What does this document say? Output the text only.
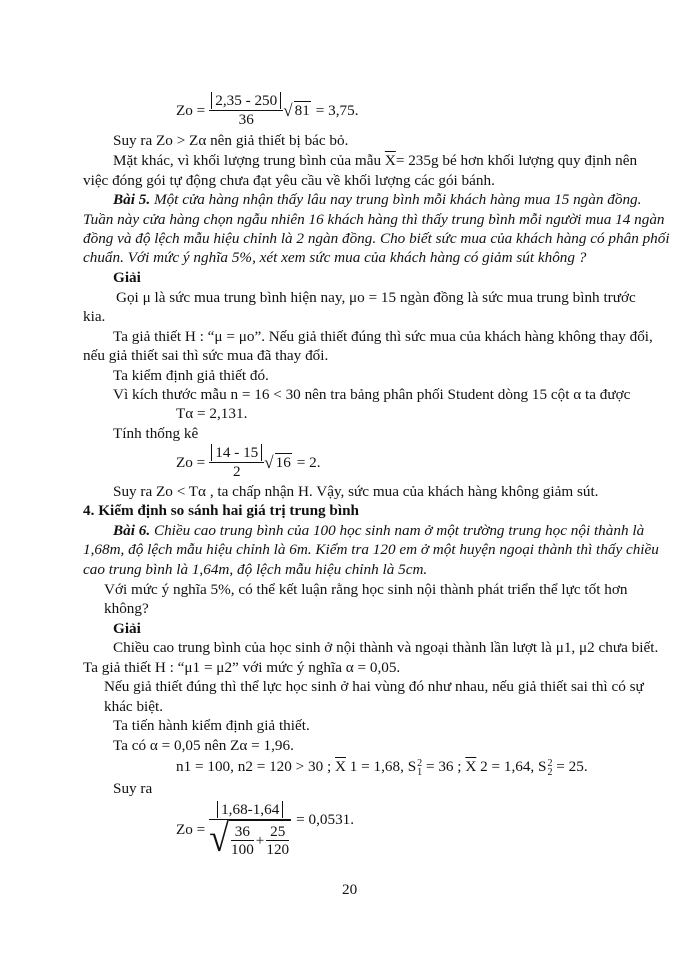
$Zo = \frac{2,35 - 250}{36}$ √ 81 = 3,75.
Suy ra Zo > Zα nên giả thiết bị bác bỏ.
Mặt khác, vì khối lượng trung bình của mẫu $\overline{X}= 235g$ bé hơn khối lượng quy định nên
việc đóng gói tự động chưa đạt yêu cầu về khối lượng các gói bánh.
Bài 5. Một cửa hàng nhận thấy lâu nay trung bình mỗi khách hàng mua 15 ngàn đồng.
Tuần này cửa hàng chọn ngẫu nhiên 16 khách hàng thì thấy trung bình mỗi người mua 14 ngàn
đồng và độ lệch mẫu hiệu chỉnh là 2 ngàn đồng. Cho biết sức mua của khách hàng có phân phối
chuẩn. Với mức ý nghĩa 5%, xét xem sức mua của khách hàng có giảm sút không ?
Giải
Gọi μ là sức mua trung bình hiện nay, μo = 15 ngàn đồng là sức mua trung bình trước
kia.
Ta giả thiết H : “μ = μo”. Nếu giả thiết đúng thì sức mua của khách hàng không thay đổi,
nếu giả thiết sai thì sức mua đã thay đổi.
Ta kiểm định giả thiết đó.
Vì kích thước mẫu n = 16 < 30 nên tra bảng phân phối Student dòng 15 cột α ta được
Tα = 2,131.
Tính thống kê
$Zo = \frac{14 - 15}{2}$ √ 16 = 2.
Suy ra Zo < Tα , ta chấp nhận H. Vậy, sức mua của khách hàng không giảm sút.
4. Kiểm định so sánh hai giá trị trung bình
Bài 6. Chiều cao trung bình của 100 học sinh nam ở một trường trung học nội thành là
1,68m, độ lệch mẫu hiệu chỉnh là 6m. Kiểm tra 120 em ở một huyện ngoại thành thì thấy chiều
cao trung bình là 1,64m, độ lệch mẫu hiệu chỉnh là 5cm.
Với mức ý nghĩa 5%, có thể kết luận rằng học sinh nội thành phát triển thể lực tốt hơn
không?
Giải
Chiều cao trung bình của học sinh ở nội thành và ngoại thành lần lượt là μ1, μ2 chưa biết.
Ta giả thiết H : “μ1 = μ2” với mức ý nghĩa α = 0,05.
Nếu giả thiết đúng thì thể lực học sinh ở hai vùng đó như nhau, nếu giả thiết sai thì có sự
khác biệt.
Ta tiến hành kiểm định giả thiết.
Ta có α = 0,05 nên Zα = 1,96.
n1 = 100, n2 = 120 > 30 ; $\overline{X}$ 1 = 1,68, S 2
1 = 36 ; $\overline{X}$ 2 = 1,64, S 2
2 = 25.
Suy ra
$Zo = \frac{1,68-1,64}{√ \frac{36}{100} + \frac{25}{120}} = 0,0531$.
20
